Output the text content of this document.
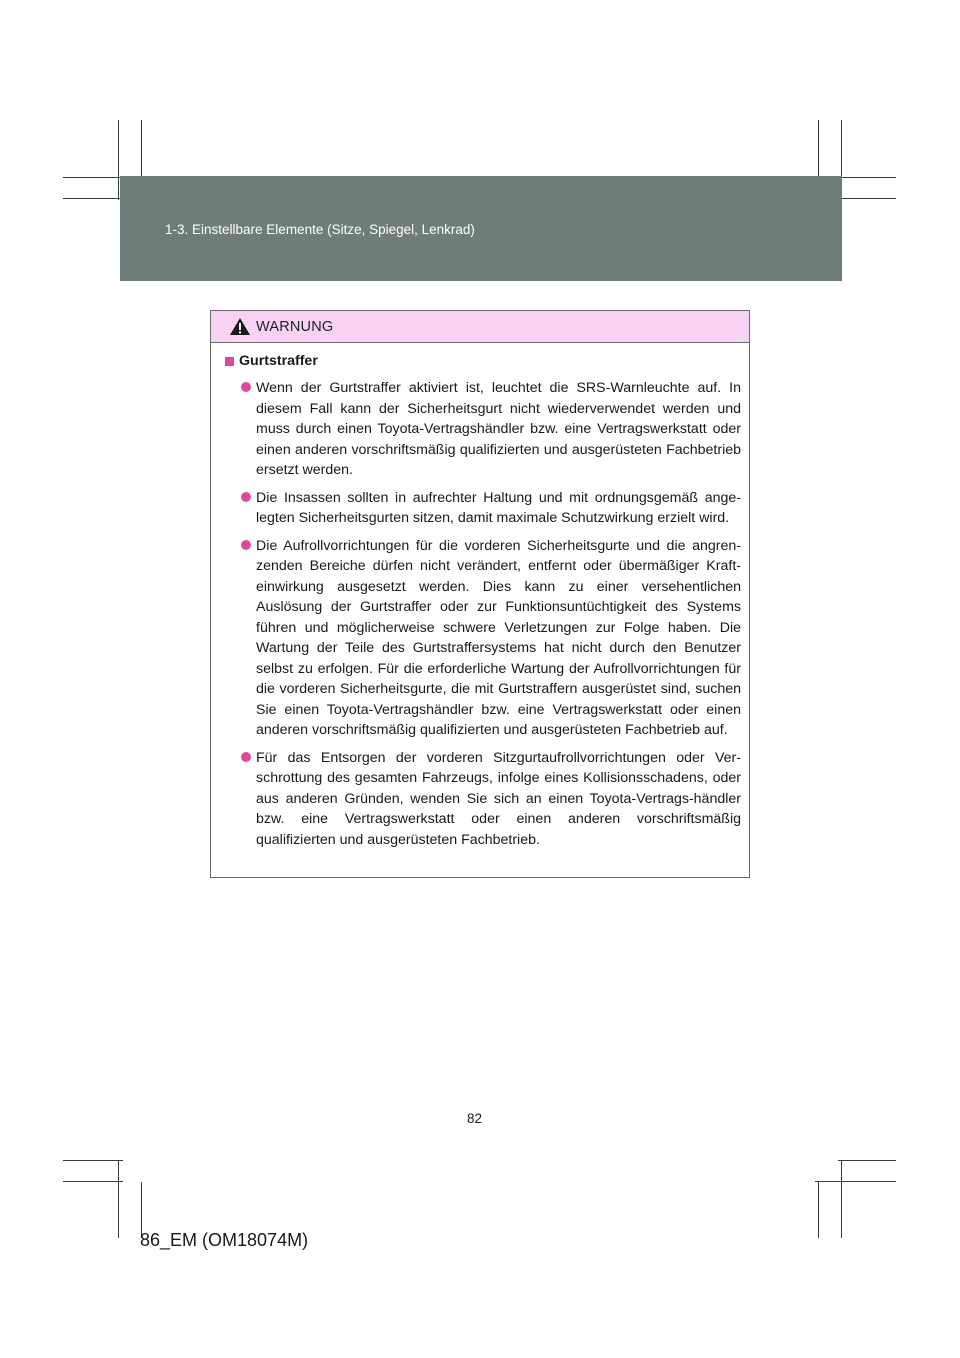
1-3. Einstellbare Elemente (Sitze, Spiegel, Lenkrad)
WARNUNG
Gurtstraffer
Wenn der Gurtstraffer aktiviert ist, leuchtet die SRS-Warnleuchte auf. In diesem Fall kann der Sicherheitsgurt nicht wiederverwendet werden und muss durch einen Toyota-Vertragshändler bzw. eine Vertragswerkstatt oder einen anderen vorschriftsmäßig qualifizierten und ausgerüsteten Fachbetrieb ersetzt werden.
Die Insassen sollten in aufrechter Haltung und mit ordnungsgemäß ange-legten Sicherheitsgurten sitzen, damit maximale Schutzwirkung erzielt wird.
Die Aufrollvorrichtungen für die vorderen Sicherheitsgurte und die angren-zenden Bereiche dürfen nicht verändert, entfernt oder übermäßiger Kraft-einwirkung ausgesetzt werden. Dies kann zu einer versehentlichen Auslösung der Gurtstraffer oder zur Funktionsuntüchtigkeit des Systems führen und möglicherweise schwere Verletzungen zur Folge haben. Die Wartung der Teile des Gurtstraffersystems hat nicht durch den Benutzer selbst zu erfolgen. Für die erforderliche Wartung der Aufrollvorrichtungen für die vorderen Sicherheitsgurte, die mit Gurtstraffern ausgerüstet sind, suchen Sie einen Toyota-Vertragshändler bzw. eine Vertragswerkstatt oder einen anderen vorschriftsmäßig qualifizierten und ausgerüsteten Fachbetrieb auf.
Für das Entsorgen der vorderen Sitzgurtaufrollvorrichtungen oder Ver-schrottung des gesamten Fahrzeugs, infolge eines Kollisionsschadens, oder aus anderen Gründen, wenden Sie sich an einen Toyota-Vertrags-händler bzw. eine Vertragswerkstatt oder einen anderen vorschriftsmäßig qualifizierten und ausgerüsteten Fachbetrieb.
82
86_EM (OM18074M)
